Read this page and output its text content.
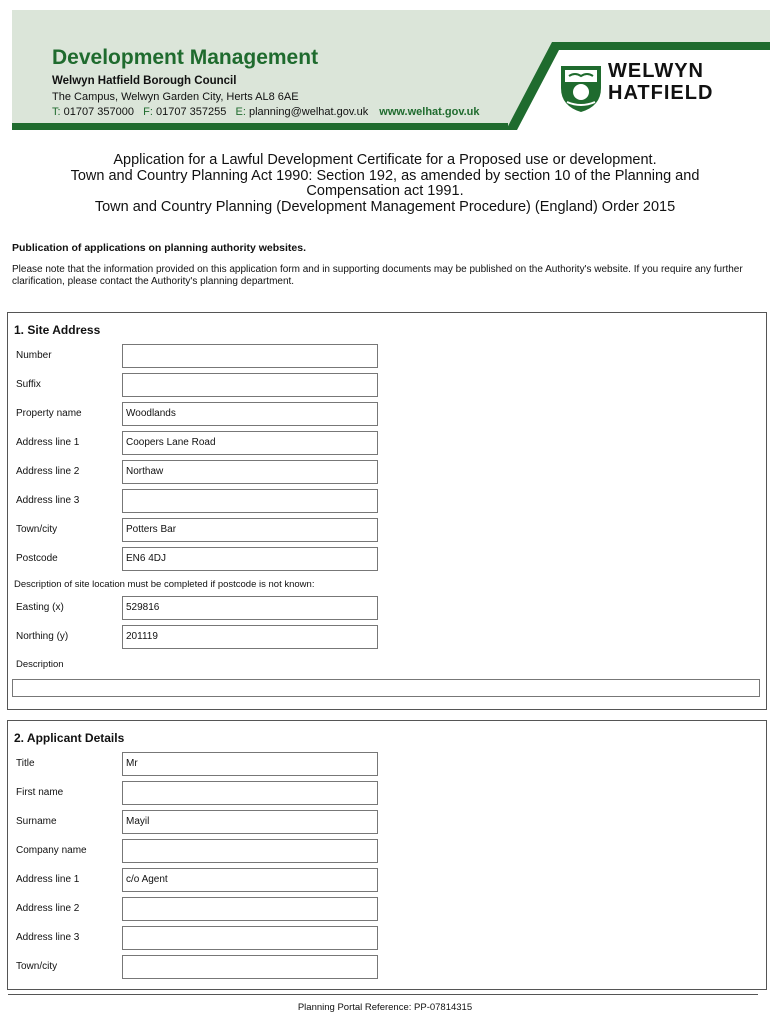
Development Management
Welwyn Hatfield Borough Council
The Campus, Welwyn Garden City, Herts AL8 6AE
T: 01707 357000 F: 01707 357255 E: planning@welhat.gov.uk www.welhat.gov.uk
WELWYN
HATFIELD
Application for a Lawful Development Certificate for a Proposed use or development.
Town and Country Planning Act 1990: Section 192, as amended by section 10 of the Planning and
Compensation act 1991.
Town and Country Planning (Development Management Procedure) (England) Order 2015
Publication of applications on planning authority websites.
Please note that the information provided on this application form and in supporting documents may be published on the Authority's website. If you require any further clarification, please contact the Authority's planning department.
1. Site Address
Number
Suffix
Property name	Woodlands
Address line 1	Coopers Lane Road
Address line 2	Northaw
Address line 3
Town/city	Potters Bar
Postcode	EN6 4DJ
Description of site location must be completed if postcode is not known:
Easting (x)	529816
Northing (y)	201119
Description
2. Applicant Details
Title	Mr
First name
Surname	Mayil
Company name
Address line 1	c/o Agent
Address line 2
Address line 3
Town/city
Planning Portal Reference: PP-07814315
